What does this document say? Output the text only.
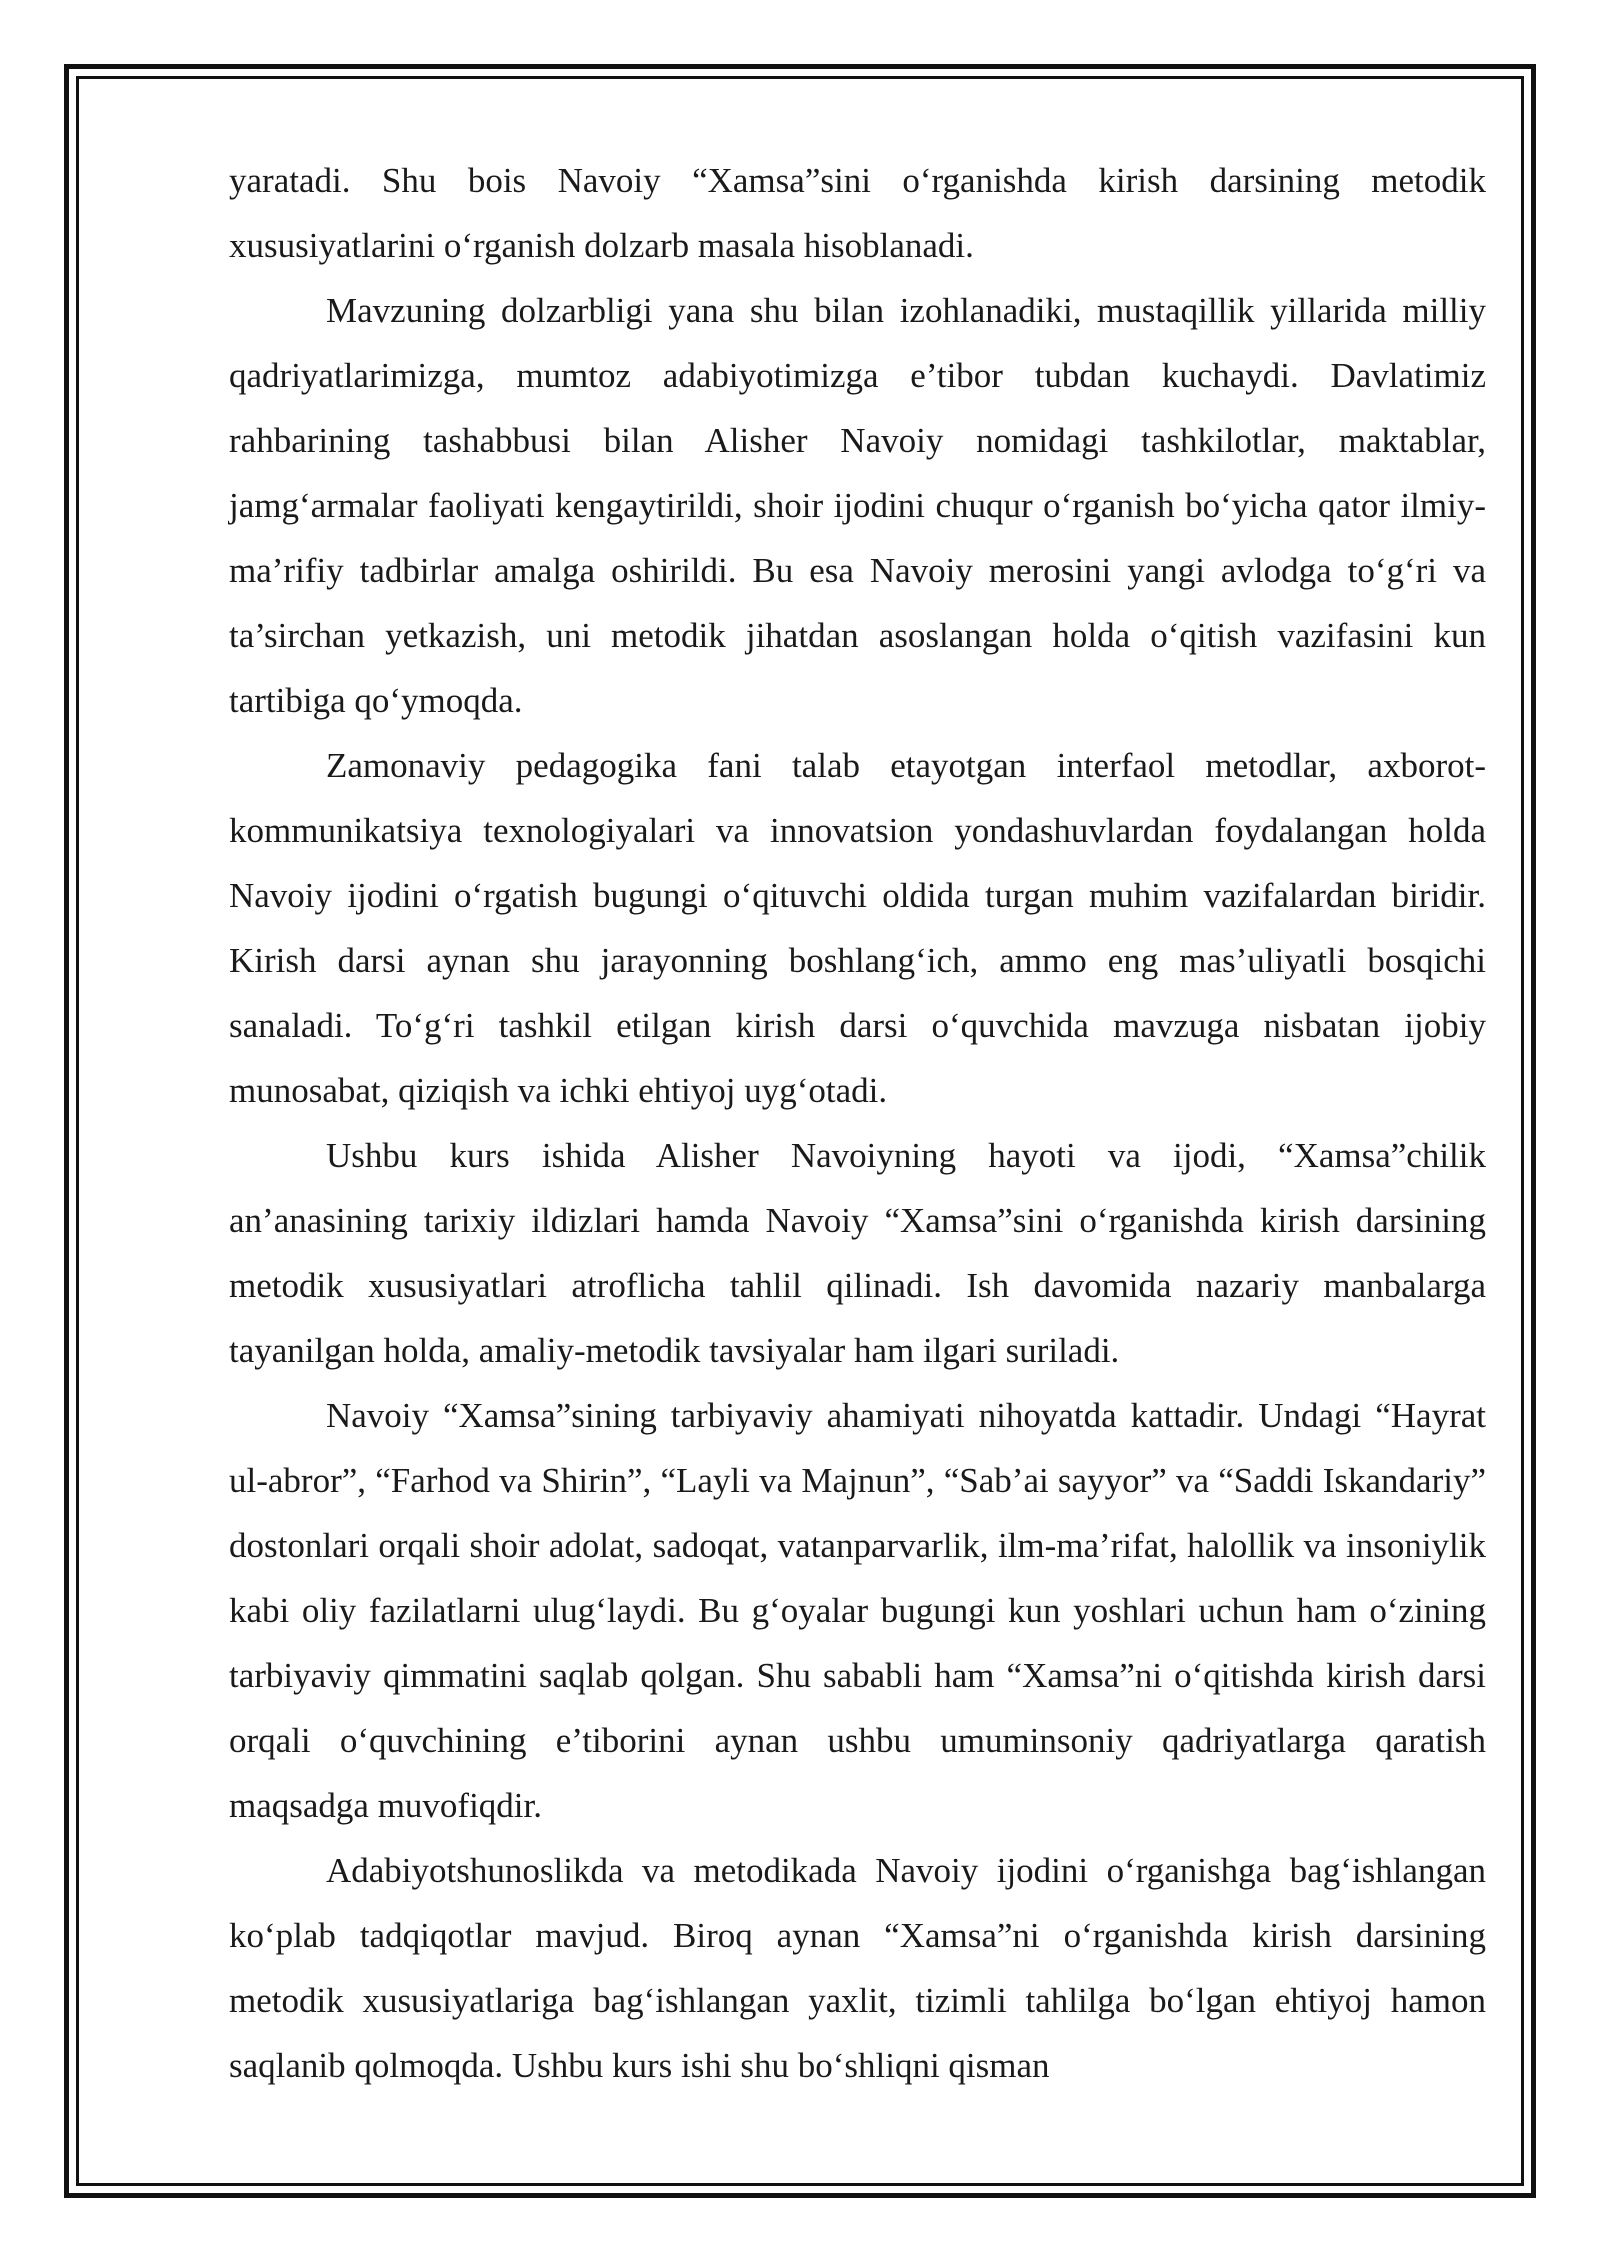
yaratadi. Shu bois Navoiy “Xamsa”sini o‘rganishda kirish darsining metodik xususiyatlarini o‘rganish dolzarb masala hisoblanadi.

Mavzuning dolzarbligi yana shu bilan izohlanadiki, mustaqillik yillarida milliy qadriyatlarimizga, mumtoz adabiyotimizga e’tibor tubdan kuchaydi. Davlatimiz rahbarining tashabbusi bilan Alisher Navoiy nomidagi tashkilotlar, maktablar, jamg‘armalar faoliyati kengaytirildi, shoir ijodini chuqur o‘rganish bo‘yicha qator ilmiy-ma’rifiy tadbirlar amalga oshirildi. Bu esa Navoiy merosini yangi avlodga to‘g‘ri va ta’sirchan yetkazish, uni metodik jihatdan asoslangan holda o‘qitish vazifasini kun tartibiga qo‘ymoqda.

Zamonaviy pedagogika fani talab etayotgan interfaol metodlar, axborot-kommunikatsiya texnologiyalari va innovatsion yondashuvlardan foydalangan holda Navoiy ijodini o‘rgatish bugungi o‘qituvchi oldida turgan muhim vazifalardan biridir. Kirish darsi aynan shu jarayonning boshlang‘ich, ammo eng mas’uliyatli bosqichi sanaladi. To‘g‘ri tashkil etilgan kirish darsi o‘quvchida mavzuga nisbatan ijobiy munosabat, qiziqish va ichki ehtiyoj uyg‘otadi.

Ushbu kurs ishida Alisher Navoiyning hayoti va ijodi, “Xamsa”chilik an’anasining tarixiy ildizlari hamda Navoiy “Xamsa”sini o‘rganishda kirish darsining metodik xususiyatlari atroflicha tahlil qilinadi. Ish davomida nazariy manbalarga tayanilgan holda, amaliy-metodik tavsiyalar ham ilgari suriladi.

Navoiy “Xamsa”sining tarbiyaviy ahamiyati nihoyatda kattadir. Undagi “Hayrat ul-abror”, “Farhod va Shirin”, “Layli va Majnun”, “Sab’ai sayyor” va “Saddi Iskandariy” dostonlari orqali shoir adolat, sadoqat, vatanparvarlik, ilm-ma’rifat, halollik va insoniylik kabi oliy fazilatlarni ulug‘laydi. Bu g‘oyalar bugungi kun yoshlari uchun ham o‘zining tarbiyaviy qimmatini saqlab qolgan. Shu sababli ham “Xamsa”ni o‘qitishda kirish darsi orqali o‘quvchining e’tiborini aynan ushbu umuminsoniy qadriyatlarga qaratish maqsadga muvofiqdir.

Adabiyotshunoslikda va metodikada Navoiy ijodini o‘rganishga bag‘ishlangan ko‘plab tadqiqotlar mavjud. Biroq aynan “Xamsa”ni o‘rganishda kirish darsining metodik xususiyatlariga bag‘ishlangan yaxlit, tizimli tahlilga bo‘lgan ehtiyoj hamon saqlanib qolmoqda. Ushbu kurs ishi shu bo‘shliqni qisman
